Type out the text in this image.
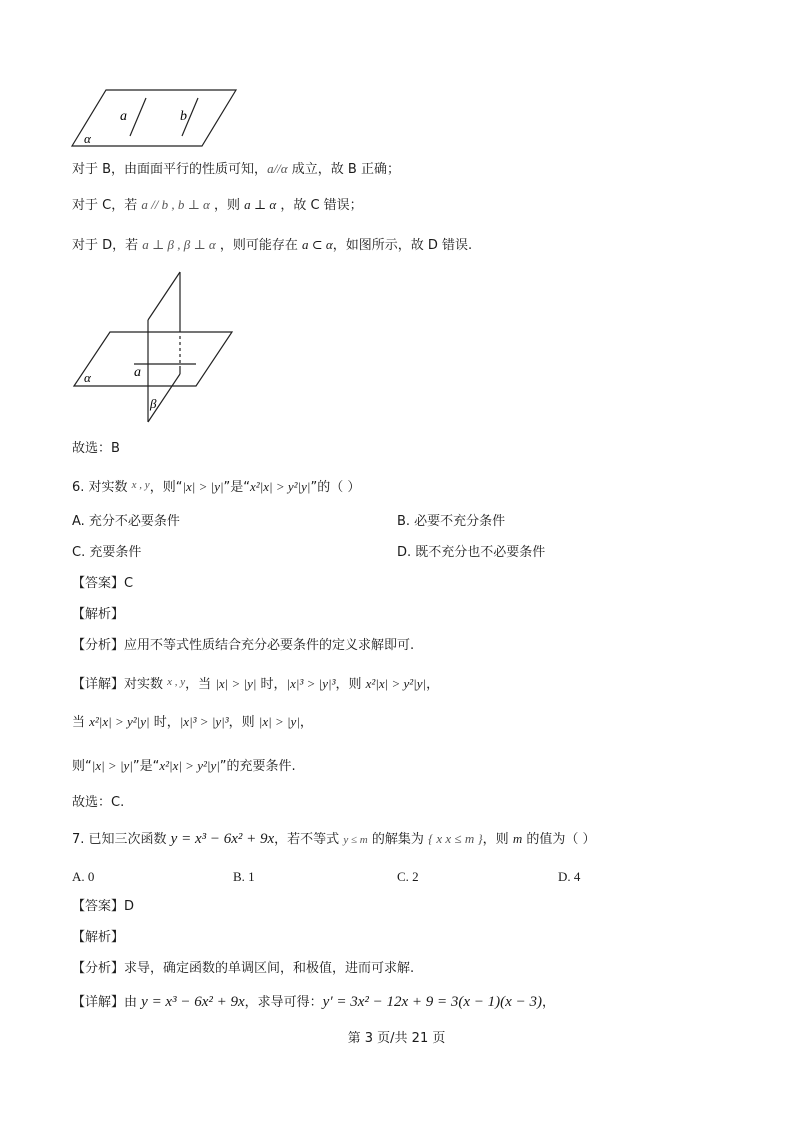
a	b
α
对于 B，由面面平行的性质可知，a//α 成立，故 B 正确；
对于 C，若 a // b , b ⊥ α ，则 a ⊥ α ，故 C 错误；
对于 D，若 a ⊥ β , β ⊥ α ，则可能存在 a ⊂ α，如图所示，故 D 错误.
a
α
β
故选：B
6. 对实数 $^{x , y}$，则“|x| > |y|”是“x²|x| > y²|y|”的（ ）
A. 充分不必要条件	B. 必要不充分条件
C. 充要条件	D. 既不充分也不必要条件
【答案】C
【解析】
【分析】应用不等式性质结合充分必要条件的定义求解即可.
【详解】对实数 $^{x , y}$，当 |x| > |y| 时，|x|³ > |y|³，则 x²|x| > y²|y|，
当 x²|x| > y²|y| 时，|x|³ > |y|³，则 |x| > |y|，
则“|x| > |y|”是“x²|x| > y²|y|”的充要条件.
故选：C.
7. 已知三次函数 y = x³ − 6x² + 9x，若不等式 y ≤ m 的解集为 { x x ≤ m }，则 m 的值为（ ）
A. 0	B. 1	C. 2	D. 4
【答案】D
【解析】
【分析】求导，确定函数的单调区间，和极值，进而可求解.
【详解】由 y = x³ − 6x² + 9x，求导可得：y′ = 3x² − 12x + 9 = 3(x − 1)(x − 3)，
第 3 页/共 21 页
